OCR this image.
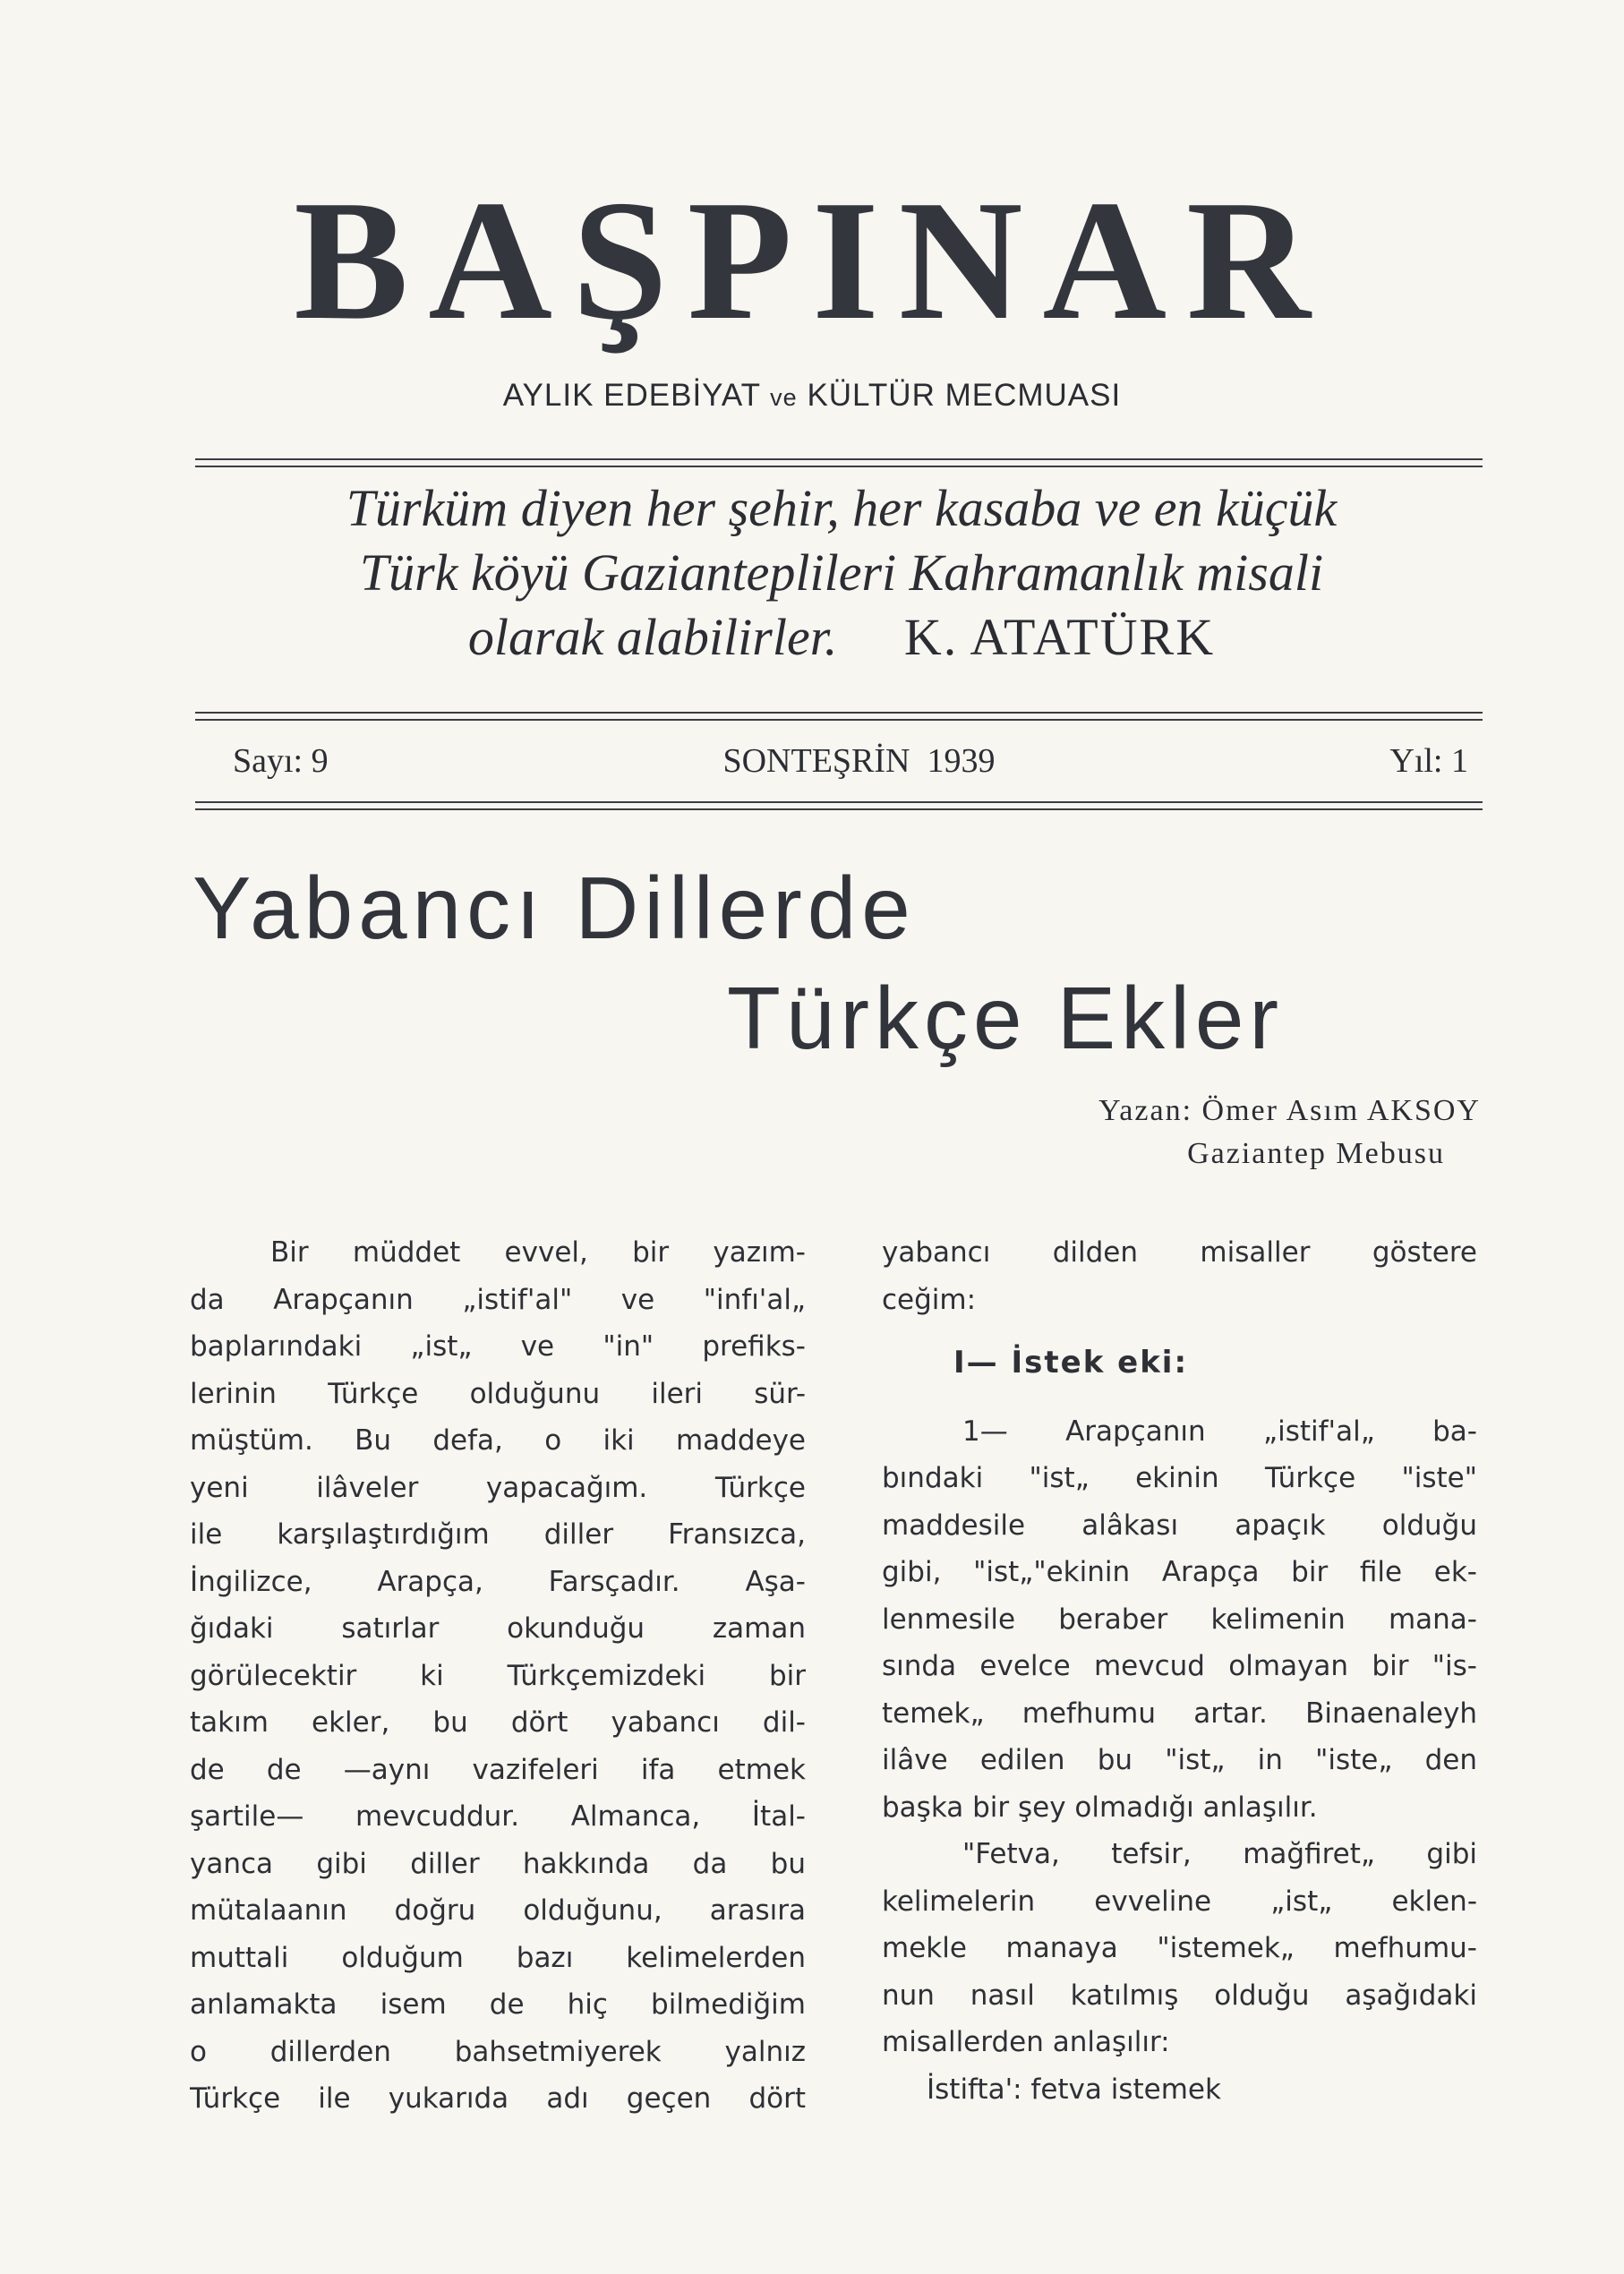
BAŞPINAR
AYLIK EDEBİYAT ve KÜLTÜR MECMUASI
Türküm diyen her şehir, her kasaba ve en küçük
Türk köyü Gazianteplileri Kahramanlık misali
olarak alabilirler. K. ATATÜRK
Sayı: 9	SONTEŞRİN  1939	Yıl: 1
Yabancı Dillerde
Türkçe Ekler
Yazan: Ömer Asım AKSOY
Gaziantep Mebusu

Bir müddet evvel, bir yazım-

da Arapçanın „istif'al" ve "infı'al„

baplarındaki „ist„ ve "in" prefiks-

lerinin Türkçe olduğunu ileri sür-

müştüm. Bu defa, o iki maddeye

yeni ilâveler yapacağım. Türkçe

ile karşılaştırdığım diller Fransızca,

İngilizce, Arapça, Farsçadır. Aşa-

ğıdaki satırlar okunduğu zaman

görülecektir ki Türkçemizdeki bir

takım ekler, bu dört yabancı dil-

de de —aynı vazifeleri ifa etmek

şartile— mevcuddur. Almanca, İtal-

yanca gibi diller hakkında da bu

mütalaanın doğru olduğunu, arasıra

muttali olduğum bazı kelimelerden

anlamakta isem de hiç bilmediğim

o dillerden bahsetmiyerek yalnız

Türkçe ile yukarıda adı geçen dört

yabancı dilden misaller göstere

ceğim:

I— İstek eki:

1— Arapçanın „istif'al„ ba-

bındaki "ist„ ekinin Türkçe "iste"

maddesile alâkası apaçık olduğu

gibi, "ist„"ekinin Arapça bir file ek-

lenmesile beraber kelimenin mana-

sında evelce mevcud olmayan bir "is-

temek„ mefhumu artar. Binaenaleyh

ilâve edilen bu "ist„ in "iste„ den

başka bir şey olmadığı anlaşılır.

"Fetva, tefsir, mağfiret„ gibi

kelimelerin evveline „ist„ eklen-

mekle manaya "istemek„ mefhumu-

nun nasıl katılmış olduğu aşağıdaki

misallerden anlaşılır:

İstifta': fetva istemek
